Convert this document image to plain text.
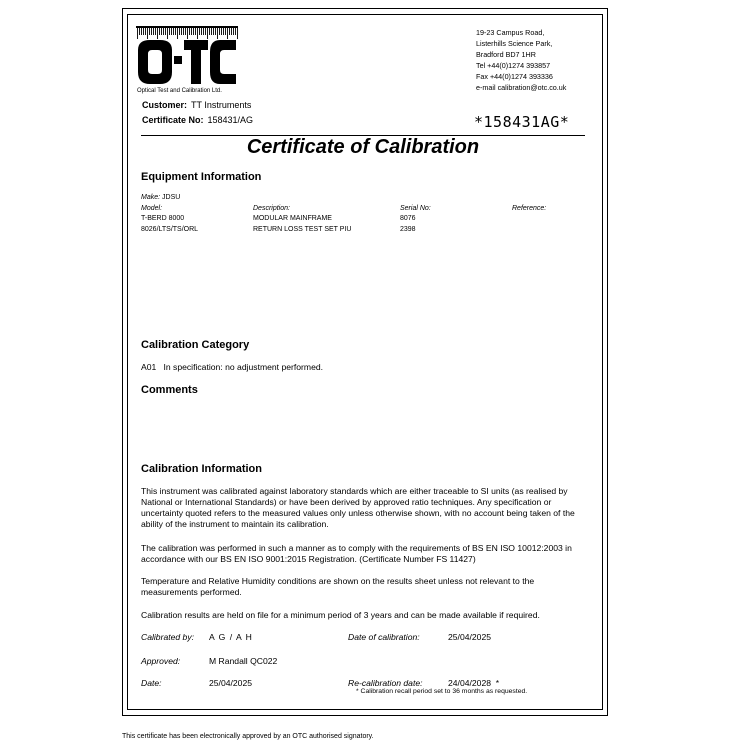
Optical Test and Calibration Ltd.
19-23 Campus Road,
Listerhills Science Park,
Bradford BD7 1HR
Tel +44(0)1274 393857
Fax +44(0)1274 393336
e-mail calibration@otc.co.uk
Customer: TT Instruments
Certificate No: 158431/AG	*158431AG*
Certificate of Calibration
Equipment Information
Make: JDSU
Model:	Description:	Serial No:	Reference:
T-BERD 8000	MODULAR MAINFRAME	8076
8026/LTS/TS/ORL	RETURN LOSS TEST SET PIU	2398
Calibration Category
A01 In specification: no adjustment performed.
Comments
Calibration Information
This instrument was calibrated against laboratory standards which are either traceable to SI units (as realised by National or International Standards) or have been derived by approved ratio techniques. Any specification or uncertainty quoted refers to the measured values only unless otherwise shown, with no account being taken of the ability of the instrument to maintain its calibration.
The calibration was performed in such a manner as to comply with the requirements of BS EN ISO 10012:2003 in accordance with our BS EN ISO 9001:2015 Registration. (Certificate Number FS 11427)
Temperature and Relative Humidity conditions are shown on the results sheet unless not relevant to the measurements performed.
Calibration results are held on file for a minimum period of 3 years and can be made available if required.
Calibrated by: A G / A H	Date of calibration:	25/04/2025
Approved:	M Randall QC022
Date:	25/04/2025	Re-calibration date:	24/04/2028  *
* Calibration recall period set to 36 months as requested.
This certificate has been electronically approved by an OTC authorised signatory.
